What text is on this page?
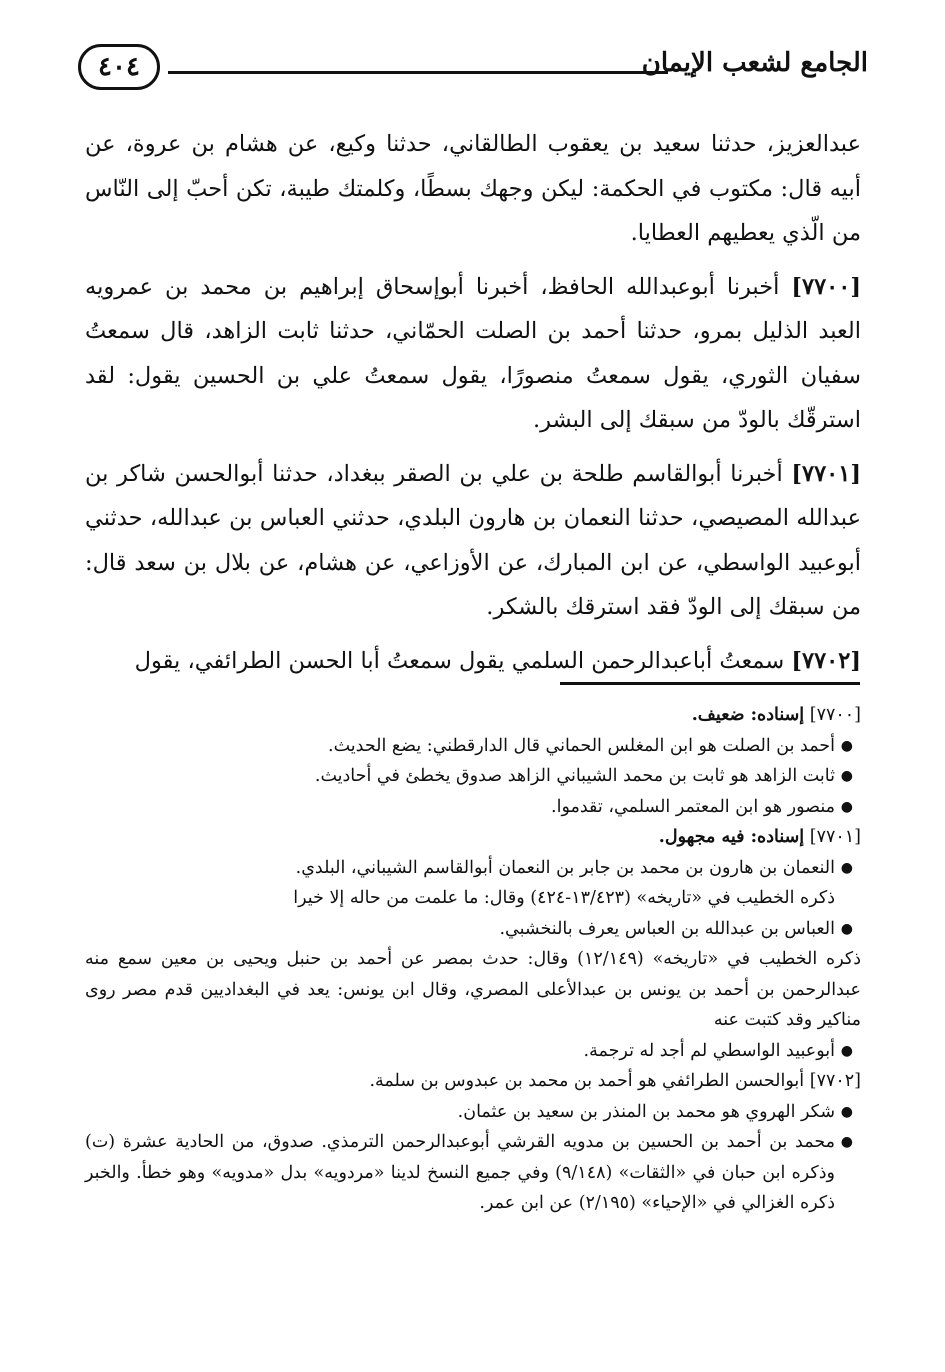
٤٠٤	الجامع لشعب الإيمان

عبدالعزيز، حدثنا سعيد بن يعقوب الطالقاني، حدثنا وكيع، عن هشام بن عروة، عن أبيه قال: مكتوب في الحكمة: ليكن وجهك بسطًا، وكلمتك طيبة، تكن أحبّ إلى النّاس من الّذي يعطيهم العطايا.

[٧٧٠٠] أخبرنا أبوعبدالله الحافظ، أخبرنا أبوإسحاق إبراهيم بن محمد بن عمرويه العبد الذليل بمرو، حدثنا أحمد بن الصلت الحمّاني، حدثنا ثابت الزاهد، قال سمعتُ سفيان الثوري، يقول سمعتُ منصورًا، يقول سمعتُ علي بن الحسين يقول: لقد استرقّك بالودّ من سبقك إلى البشر.

[٧٧٠١] أخبرنا أبوالقاسم طلحة بن علي بن الصقر ببغداد، حدثنا أبوالحسن شاكر بن عبدالله المصيصي، حدثنا النعمان بن هارون البلدي، حدثني العباس بن عبدالله، حدثني أبوعبيد الواسطي، عن ابن المبارك، عن الأوزاعي، عن هشام، عن بلال بن سعد قال: من سبقك إلى الودّ فقد استرقك بالشكر.

[٧٧٠٢] سمعتُ أباعبدالرحمن السلمي يقول سمعتُ أبا الحسن الطرائفي، يقول

[٧٧٠٠] إسناده: ضعيف.

●
أحمد بن الصلت هو ابن المغلس الحماني قال الدارقطني: يضع الحديث.

●
ثابت الزاهد هو ثابت بن محمد الشيباني الزاهد صدوق يخطئ في أحاديث.

●
منصور هو ابن المعتمر السلمي، تقدموا.

[٧٧٠١] إسناده: فيه مجهول.

●
النعمان بن هارون بن محمد بن جابر بن النعمان أبوالقاسم الشيباني، البلدي.

ذكره الخطيب في «تاريخه» (١٣/٤٢٣-٤٢٤) وقال: ما علمت من حاله إلا خيرا

●
العباس بن عبدالله بن العباس يعرف بالنخشبي.

ذكره الخطيب في «تاريخه» (١٢/١٤٩) وقال: حدث بمصر عن أحمد بن حنبل ويحيى بن معين سمع منه عبدالرحمن بن أحمد بن يونس بن عبدالأعلى المصري، وقال ابن يونس: يعد في البغداديين قدم مصر روى مناكير وقد كتبت عنه

●
أبوعبيد الواسطي لم أجد له ترجمة.

[٧٧٠٢] أبوالحسن الطرائفي هو أحمد بن محمد بن عبدوس بن سلمة.

●
شكر الهروي هو محمد بن المنذر بن سعيد بن عثمان.

●
محمد بن أحمد بن الحسين بن مدويه القرشي أبوعبدالرحمن الترمذي. صدوق، من الحادية عشرة (ت) وذكره ابن حبان في «الثقات» (٩/١٤٨) وفي جميع النسخ لدينا «مردويه» بدل «مدويه» وهو خطأ. والخبر ذكره الغزالي في «الإحياء» (٢/١٩٥) عن ابن عمر.
